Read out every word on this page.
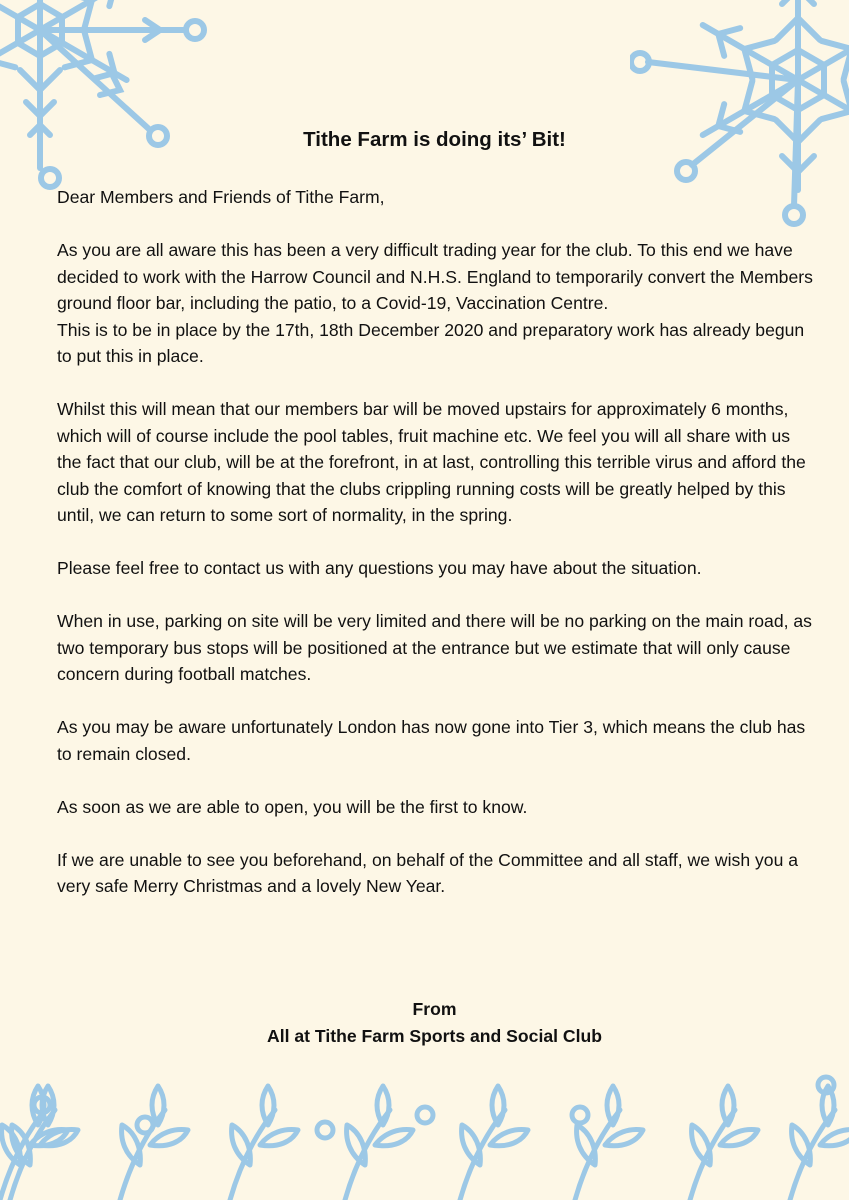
Tithe Farm is doing its’ Bit!

Dear Members and Friends of Tithe Farm,

As you are all aware this has been a very difficult trading year for the club. To this end we have decided to work with the Harrow Council and N.H.S. England to temporarily convert the Members ground floor bar, including the patio, to a Covid-19, Vaccination Centre.
This is to be in place by the 17th, 18th December 2020 and preparatory work has already begun to put this in place.

Whilst this will mean that our members bar will be moved upstairs for approximately 6 months, which will of course include the pool tables, fruit machine etc. We feel you will all share with us the fact that our club, will be at the forefront, in at last, controlling this terrible virus and afford the club the comfort of knowing that the clubs crippling running costs will be greatly helped by this until, we can return to some sort of normality, in the spring.

Please feel free to contact us with any questions you may have about the situation.

When in use, parking on site will be very limited and there will be no parking on the main road, as two temporary bus stops will be positioned at the entrance but we estimate that will only cause concern during football matches.

As you may be aware unfortunately London has now gone into Tier 3, which means the club has to remain closed.

As soon as we are able to open, you will be the first to know.

If we are unable to see you beforehand, on behalf of the Committee and all staff, we wish you a very safe Merry Christmas and a lovely New Year.

From
All at Tithe Farm Sports and Social Club
